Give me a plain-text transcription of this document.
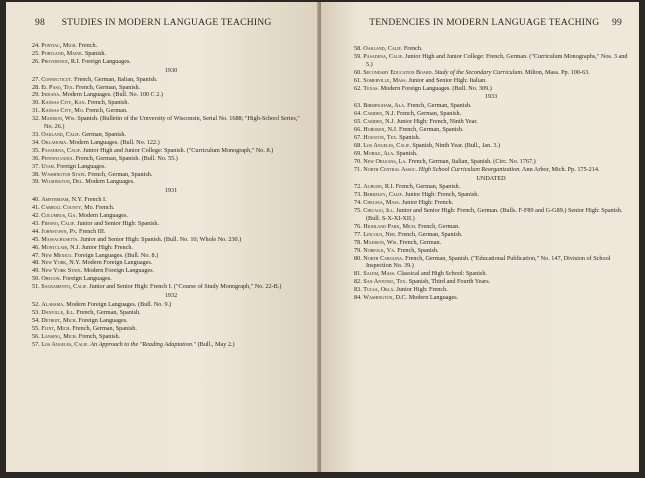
98 STUDIES IN MODERN LANGUAGE TEACHING
24. Pontiac, Mich. French.
25. Portland, Maine. Spanish.
26. Providence, R.I. Foreign Languages.
1930
27. Connecticut. French, German, Italian, Spanish.
28. El Paso, Tex. French, German, Spanish.
29. Indiana. Modern Languages. (Bull. No. 100 C 2.)
30. Kansas City, Kan. French, Spanish.
31. Kansas City, Mo. French, German.
32. Madison, Wis. Spanish. (Bulletin of the University of Wisconsin, Serial No. 1688; "High-School Series," No. 26.)
33. Oakland, Calif. German, Spanish.
34. Oklahoma. Modern Languages. (Bull. No. 122.)
35. Pasadena, Calif. Junior High and Junior College: Spanish. ("Curriculum Monograph," No. 8.)
36. Pennsylvania. French, German, Spanish. (Bull. No. 55.)
37. Utah. Foreign Languages.
38. Washington State. French, German, Spanish.
39. Wilmington, Del. Modern Languages.
1931
40. Amsterdam, N.Y. French I.
41. Carroll County, Md. French.
42. Columbus, Ga. Modern Languages.
43. Fresno, Calif. Junior and Senior High: Spanish.
44. Johnstown, Pa. French III.
45. Massachusetts. Junior and Senior High: Spanish. (Bull. No. 10; Whole No. 230.)
46. Montclair, N.J. Junior High: French.
47. New Mexico. Foreign Languages. (Bull. No. 8.)
48. New York, N.Y. Modern Foreign Languages.
49. New York State. Modern Foreign Languages.
50. Oregon. Foreign Languages.
51. Sacramento, Calif. Junior and Senior High: French I. ("Course of Study Monograph," No. 22-B.)
1932
52. Alabama. Modern Foreign Languages. (Bull. No. 9.)
53. Danville, Ill. French, German, Spanish.
54. Detroit, Mich. Foreign Languages.
55. Flint, Mich. French, German, Spanish.
56. Lansing, Mich. French, Spanish.
57. Los Angeles, Calif. An Approach to the "Reading Adaptation." (Bull., May 2.)
TENDENCIES IN MODERN LANGUAGE TEACHING 99
58. Oakland, Calif. French.
59. Pasadena, Calif. Junior High and Junior College: French, German. ("Curriculum Monographs," Nos. 3 and 5.)
60. Secondary Education Board. Study of the Secondary Curriculum. Milton, Mass. Pp. 100-63.
61. Somerville, Mass. Junior and Senior High: Italian.
62. Texas. Modern Foreign Languages. (Bull. No. 309.)
1933
63. Birmingham, Ala. French, German, Spanish.
64. Camden, N.J. French, German, Spanish.
65. Camden, N.J. Junior High: French, Ninth Year.
66. Hoboken, N.J. French, German, Spanish.
67. Houston, Tex. Spanish.
68. Los Angeles, Calif. Spanish, Ninth Year. (Bull., Jan. 3.)
69. Mobile, Ala. Spanish.
70. New Orleans, La. French, German, Italian, Spanish. (Circ. No. 1767.)
71. North Central Assoc. High School Curriculum Reorganization. Ann Arbor, Mich. Pp. 175-214.
UNDATED
72. Auburn, R.I. French, German, Spanish.
73. Berkeley, Calif. Junior High: French, Spanish.
74. Chelsea, Mass. Junior High: French.
75. Chicago, Ill. Junior and Senior High: French, German. (Bulls. F-F89 and G-G89.) Senior High: Spanish. (Bull. S-X-XI-XII.)
76. Highland Park, Mich. French, German.
77. Lincoln, Neb. French, German, Spanish.
78. Madison, Wis. French, German.
79. Norfolk, Va. French, Spanish.
80. North Carolina. French, German, Spanish. ("Educational Publication," No. 147, Division of School Inspection No. 39.)
81. Salem, Mass. Classical and High School: Spanish.
82. San Antonio, Tex. Spanish, Third and Fourth Years.
83. Tulsa, Okla. Junior High: French.
84. Washington, D.C. Modern Languages.
